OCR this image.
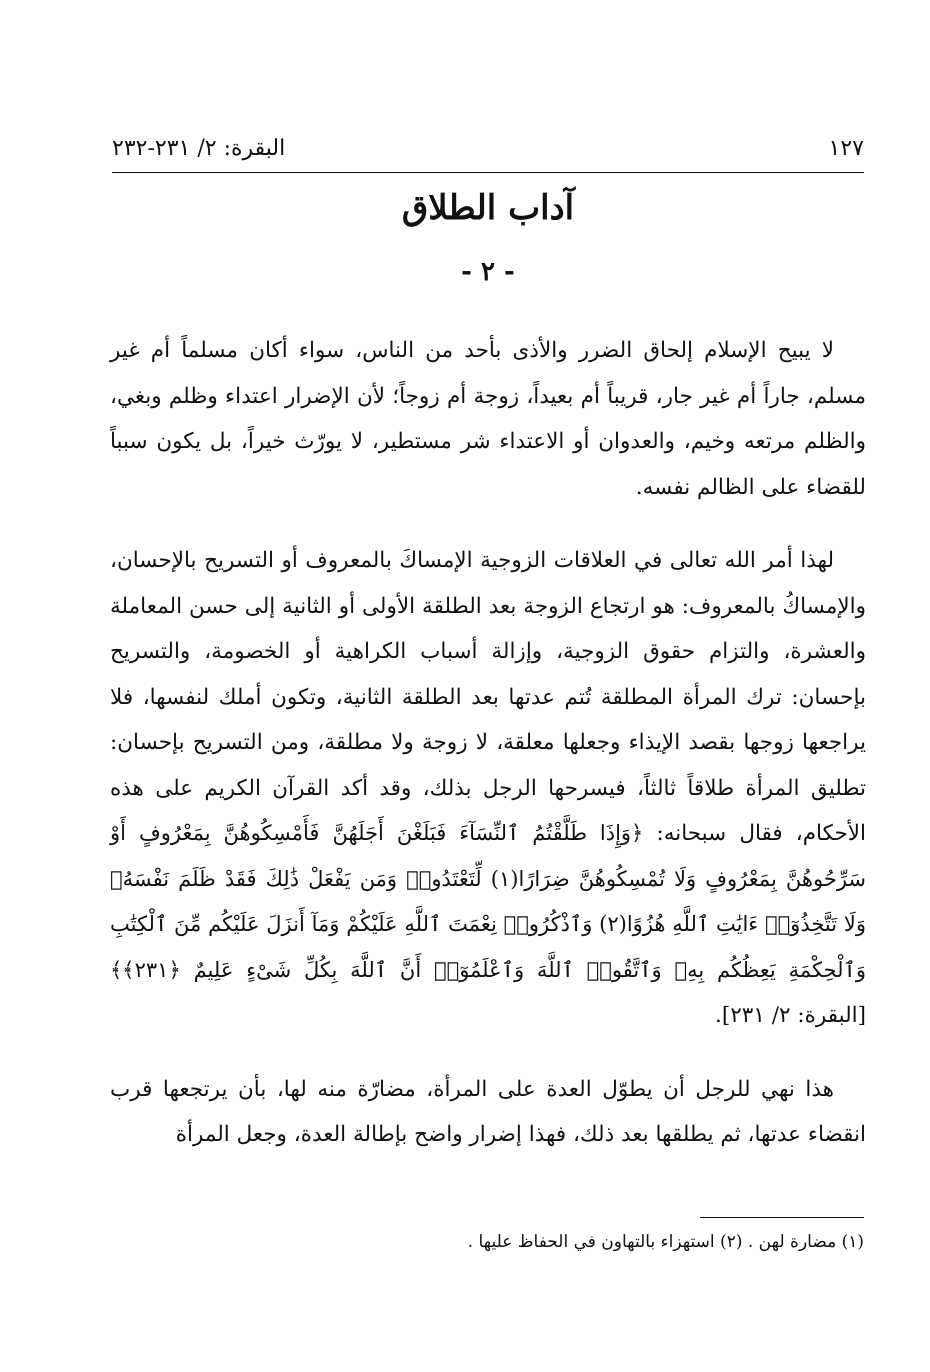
البقرة: ٢/ ٢٣١-٢٣٢	١٢٧
آداب الطلاق
- ٢ -

لا يبيح الإسلام إلحاق الضرر والأذى بأحد من الناس، سواء أكان مسلماً أم غير مسلم، جاراً أم غير جار، قريباً أم بعيداً، زوجة أم زوجاً؛ لأن الإضرار اعتداء وظلم وبغي، والظلم مرتعه وخيم، والعدوان أو الاعتداء شر مستطير، لا يورّث خيراً، بل يكون سبباً للقضاء على الظالم نفسه.

لهذا أمر الله تعالى في العلاقات الزوجية الإمساكَ بالمعروف أو التسريح بالإحسان، والإمساكُ بالمعروف: هو ارتجاع الزوجة بعد الطلقة الأولى أو الثانية إلى حسن المعاملة والعشرة، والتزام حقوق الزوجية، وإزالة أسباب الكراهية أو الخصومة، والتسريح بإحسان: ترك المرأة المطلقة تُتم عدتها بعد الطلقة الثانية، وتكون أملك لنفسها، فلا يراجعها زوجها بقصد الإيذاء وجعلها معلقة، لا زوجة ولا مطلقة، ومن التسريح بإحسان: تطليق المرأة طلاقاً ثالثاً، فيسرحها الرجل بذلك، وقد أكد القرآن الكريم على هذه الأحكام، فقال سبحانه: ﴿وَإِذَا طَلَّقْتُمُ ٱلنِّسَآءَ فَبَلَغْنَ أَجَلَهُنَّ فَأَمْسِكُوهُنَّ بِمَعْرُوفٍ أَوْ سَرِّحُوهُنَّ بِمَعْرُوفٍ وَلَا تُمْسِكُوهُنَّ ضِرَارًا(١) لِّتَعْتَدُوا۟ وَمَن يَفْعَلْ ذَٰلِكَ فَقَدْ ظَلَمَ نَفْسَهُۥ وَلَا تَتَّخِذُوٓا۟ ءَايَٰتِ ٱللَّهِ هُزُوًا(٢) وَٱذْكُرُوا۟ نِعْمَتَ ٱللَّهِ عَلَيْكُمْ وَمَآ أَنزَلَ عَلَيْكُم مِّنَ ٱلْكِتَٰبِ وَٱلْحِكْمَةِ يَعِظُكُم بِهِۦ وَٱتَّقُوا۟ ٱللَّهَ وَٱعْلَمُوٓا۟ أَنَّ ٱللَّهَ بِكُلِّ شَىْءٍ عَلِيمٌ ﴿٢٣١﴾﴾ [البقرة: ٢/ ٢٣١].

هذا نهي للرجل أن يطوّل العدة على المرأة، مضارّة منه لها، بأن يرتجعها قرب انقضاء عدتها، ثم يطلقها بعد ذلك، فهذا إضرار واضح بإطالة العدة، وجعل المرأة

(١) مضارة لهن . (٢) استهزاء بالتهاون في الحفاظ عليها .
